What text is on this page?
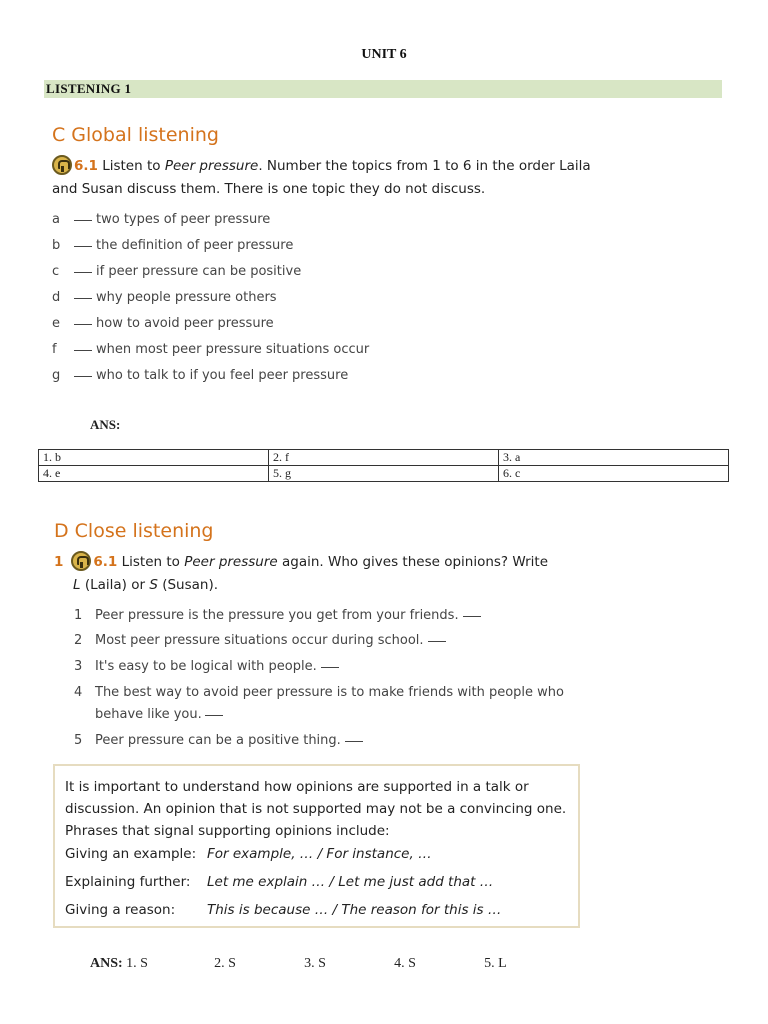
UNIT 6
LISTENING 1
C Global listening
6.1 Listen to Peer pressure. Number the topics from 1 to 6 in the order Laila
and Susan discuss them. There is one topic they do not discuss.
a	two types of peer pressure
b	the definition of peer pressure
c	if peer pressure can be positive
d	why people pressure others
e	how to avoid peer pressure
f	when most peer pressure situations occur
g	who to talk to if you feel peer pressure
ANS:
1. b	2. f	3. a
4. e	5. g	6. c
D Close listening
1 6.1 Listen to Peer pressure again. Who gives these opinions? Write
L (Laila) or S (Susan).
1 Peer pressure is the pressure you get from your friends.
2 Most peer pressure situations occur during school.
3 It's easy to be logical with people.
4 The best way to avoid peer pressure is to make friends with people who
behave like you.
5 Peer pressure can be a positive thing.
It is important to understand how opinions are supported in a talk or
discussion. An opinion that is not supported may not be a convincing one.
Phrases that signal supporting opinions include:
Giving an example: For example, … / For instance, …
Explaining further: Let me explain … / Let me just add that …
Giving a reason: This is because … / The reason for this is …
ANS: 1. S	2. S	3. S	4. S	5. L
